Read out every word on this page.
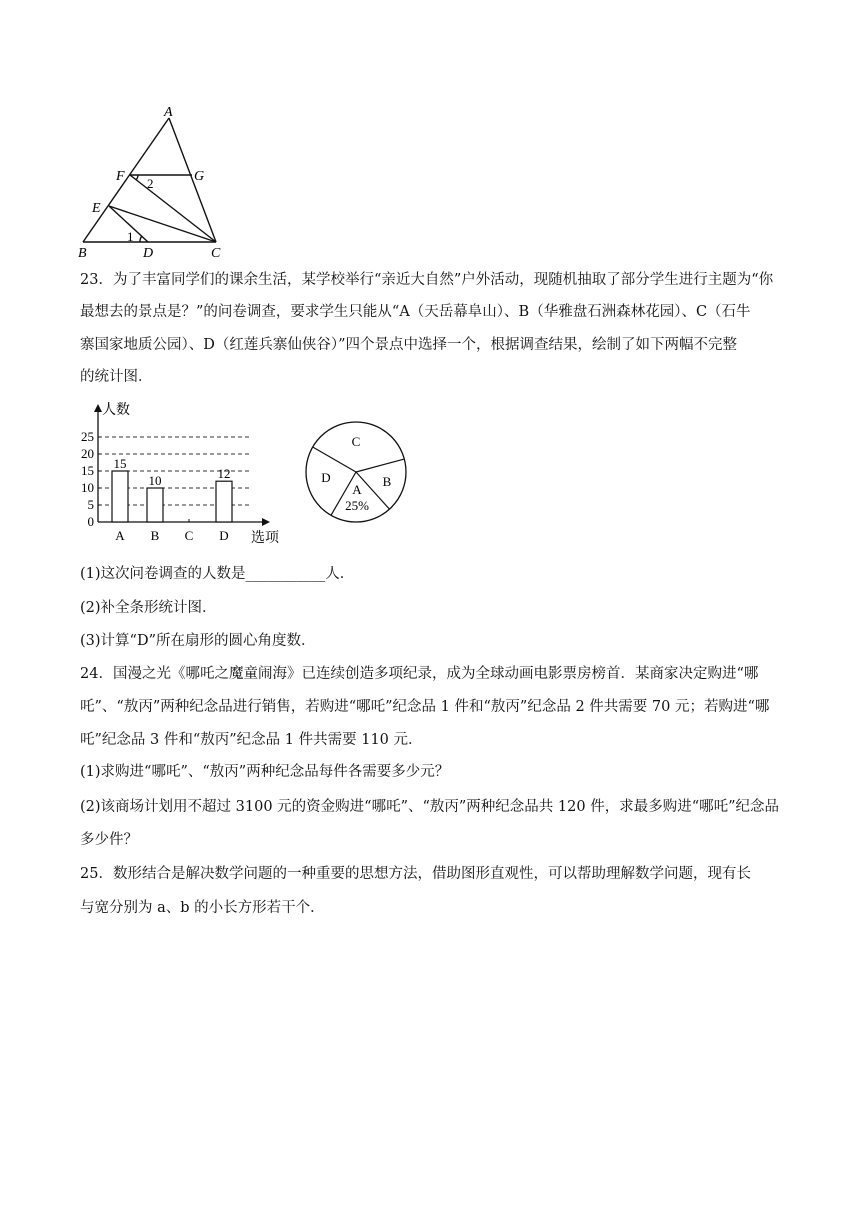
A
F	G
E
B	D	C
1
2
23．为了丰富同学们的课余生活，某学校举行“亲近大自然”户外活动，现随机抽取了部分学生进行主题为“你
最想去的景点是？”的问卷调查，要求学生只能从“A（天岳幕阜山）、B（华雅盘石洲森林花园）、C（石牛
寨国家地质公园）、D（红莲兵寨仙侠谷）”四个景点中选择一个，根据调查结果，绘制了如下两幅不完整
的统计图．
0
5
10
15
20
25
人数
选项
A
15
B
10
C D
12
C
D
A
B
25%
(1)这次问卷调查的人数是___________人．
(2)补全条形统计图．
(3)计算“D”所在扇形的圆心角度数．
24．国漫之光《哪吒之魔童闹海》已连续创造多项纪录，成为全球动画电影票房榜首．某商家决定购进“哪
吒”、“敖丙”两种纪念品进行销售，若购进“哪吒”纪念品 1 件和“敖丙”纪念品 2 件共需要 70 元；若购进“哪
吒”纪念品 3 件和“敖丙”纪念品 1 件共需要 110 元．
(1)求购进“哪吒”、“敖丙”两种纪念品每件各需要多少元？
(2)该商场计划用不超过 3100 元的资金购进“哪吒”、“敖丙”两种纪念品共 120 件，求最多购进“哪吒”纪念品
多少件？
25．数形结合是解决数学问题的一种重要的思想方法，借助图形直观性，可以帮助理解数学问题，现有长
与宽分别为 a、b 的小长方形若干个．
